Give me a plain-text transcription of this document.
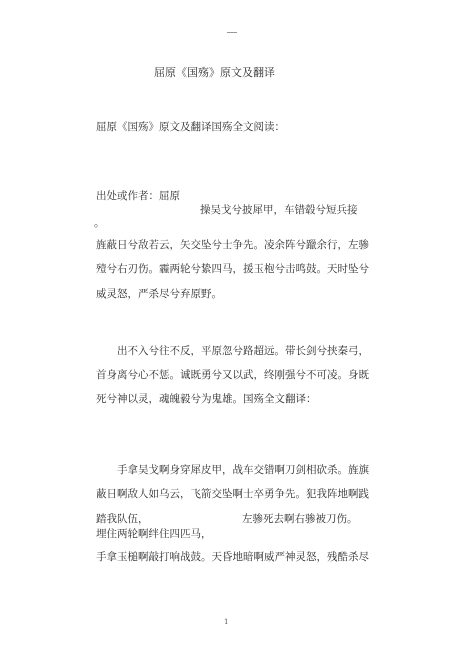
屈原《国殇》原文及翻译
屈原《国殇》原文及翻译国殇全文阅读：
出处或作者：屈原
操吴戈兮披犀甲，车错毂兮短兵接
。
旌蔽日兮敌若云，矢交坠兮士争先。凌余阵兮躐余行，左骖
殪兮右刃伤。霾两轮兮絷四马，援玉枹兮击鸣鼓。天时坠兮
威灵怒，严杀尽兮弃原野。
出不入兮往不反，平原忽兮路超远。带长剑兮挟秦弓，
首身离兮心不惩。诚既勇兮又以武，终刚强兮不可凌。身既
死兮神以灵，魂魄毅兮为鬼雄。国殇全文翻译：
手拿吴戈啊身穿犀皮甲，战车交错啊刀剑相砍杀。旌旗
蔽日啊敌人如乌云，飞箭交坠啊士卒勇争先。犯我阵地啊践
踏我队伍，	左骖死去啊右骖被刀伤。
埋住两轮啊绊住四匹马，
手拿玉槌啊敲打响战鼓。天昏地暗啊威严神灵怒，残酷杀尽
1
